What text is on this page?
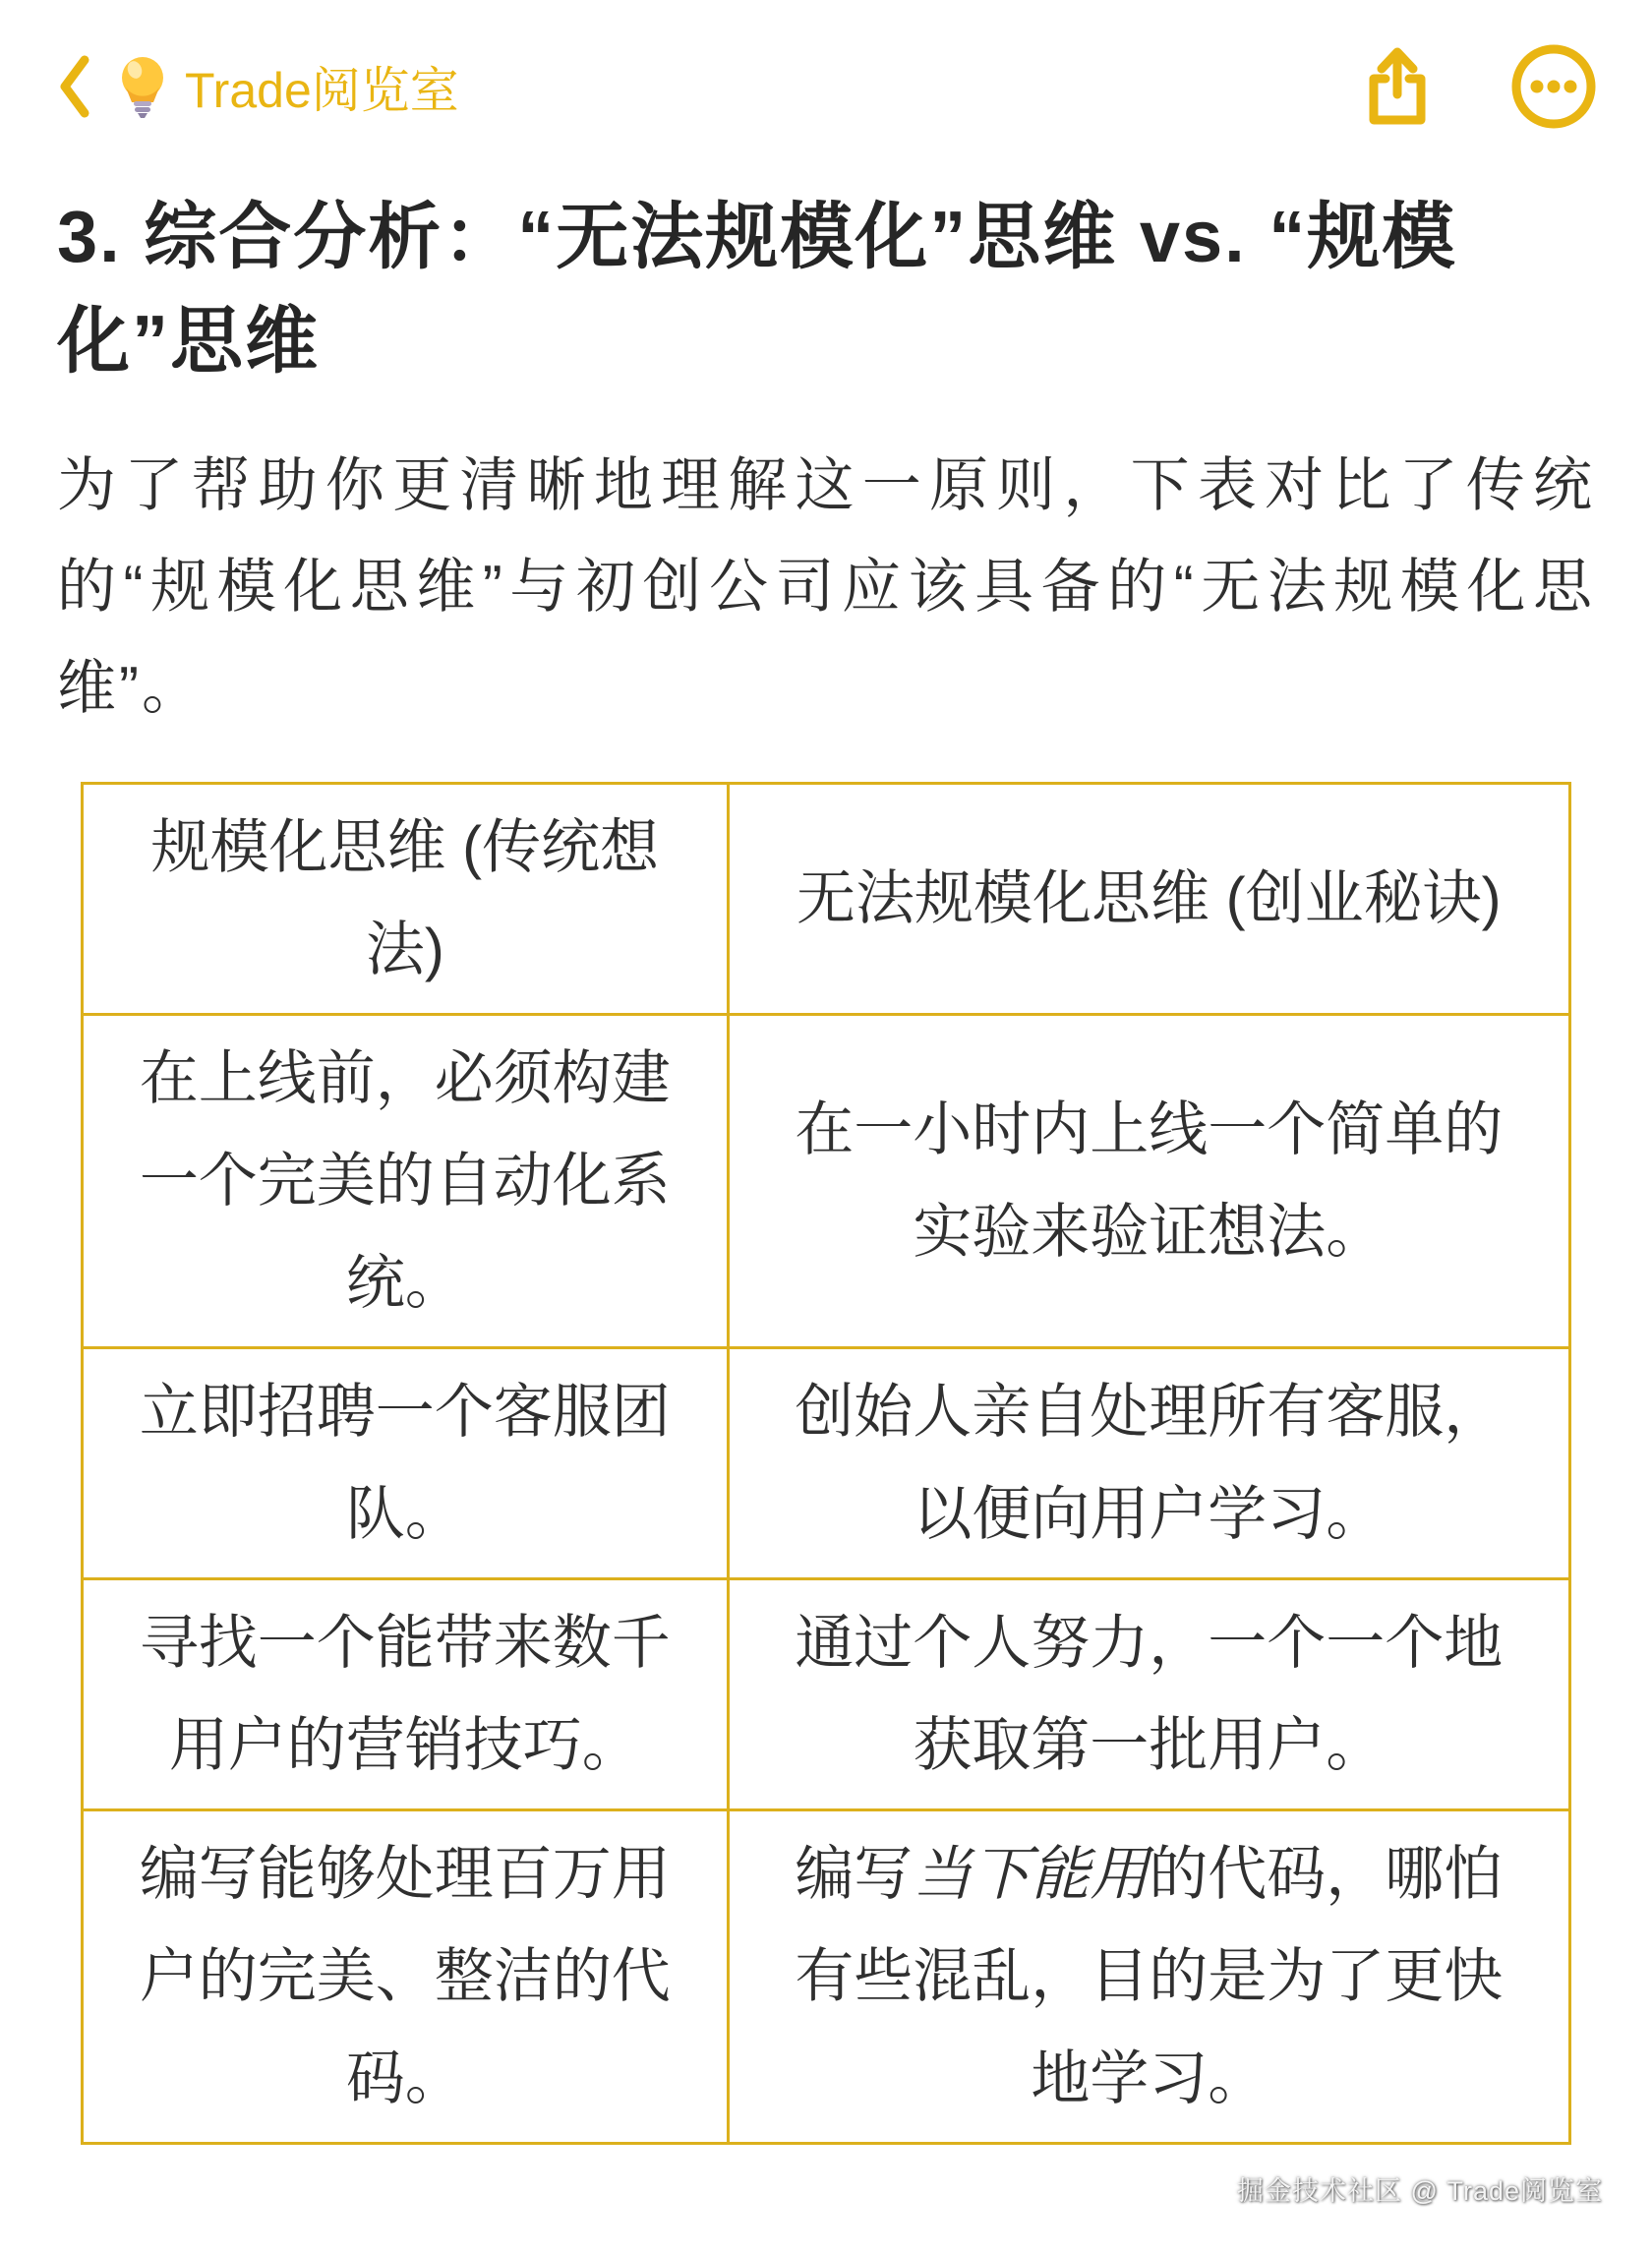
Trade阅览室
3. 综合分析：“无法规模化”思维 vs. “规模化”思维

为了帮助你更清晰地理解这一原则，下表对比了传统的“规模化思维”与初创公司应该具备的“无法规模化思维”。

规模化思维 (传统想法)	无法规模化思维 (创业秘诀)
在上线前，必须构建一个完美的自动化系统。	在一小时内上线一个简单的实验来验证想法。
立即招聘一个客服团队。	创始人亲自处理所有客服，以便向用户学习。
寻找一个能带来数千用户的营销技巧。	通过个人努力，一个一个地获取第一批用户。
编写能够处理百万用户的完美、整洁的代码。	编写当下能用的代码，哪怕有些混乱，目的是为了更快地学习。
掘金技术社区 @ Trade阅览室
